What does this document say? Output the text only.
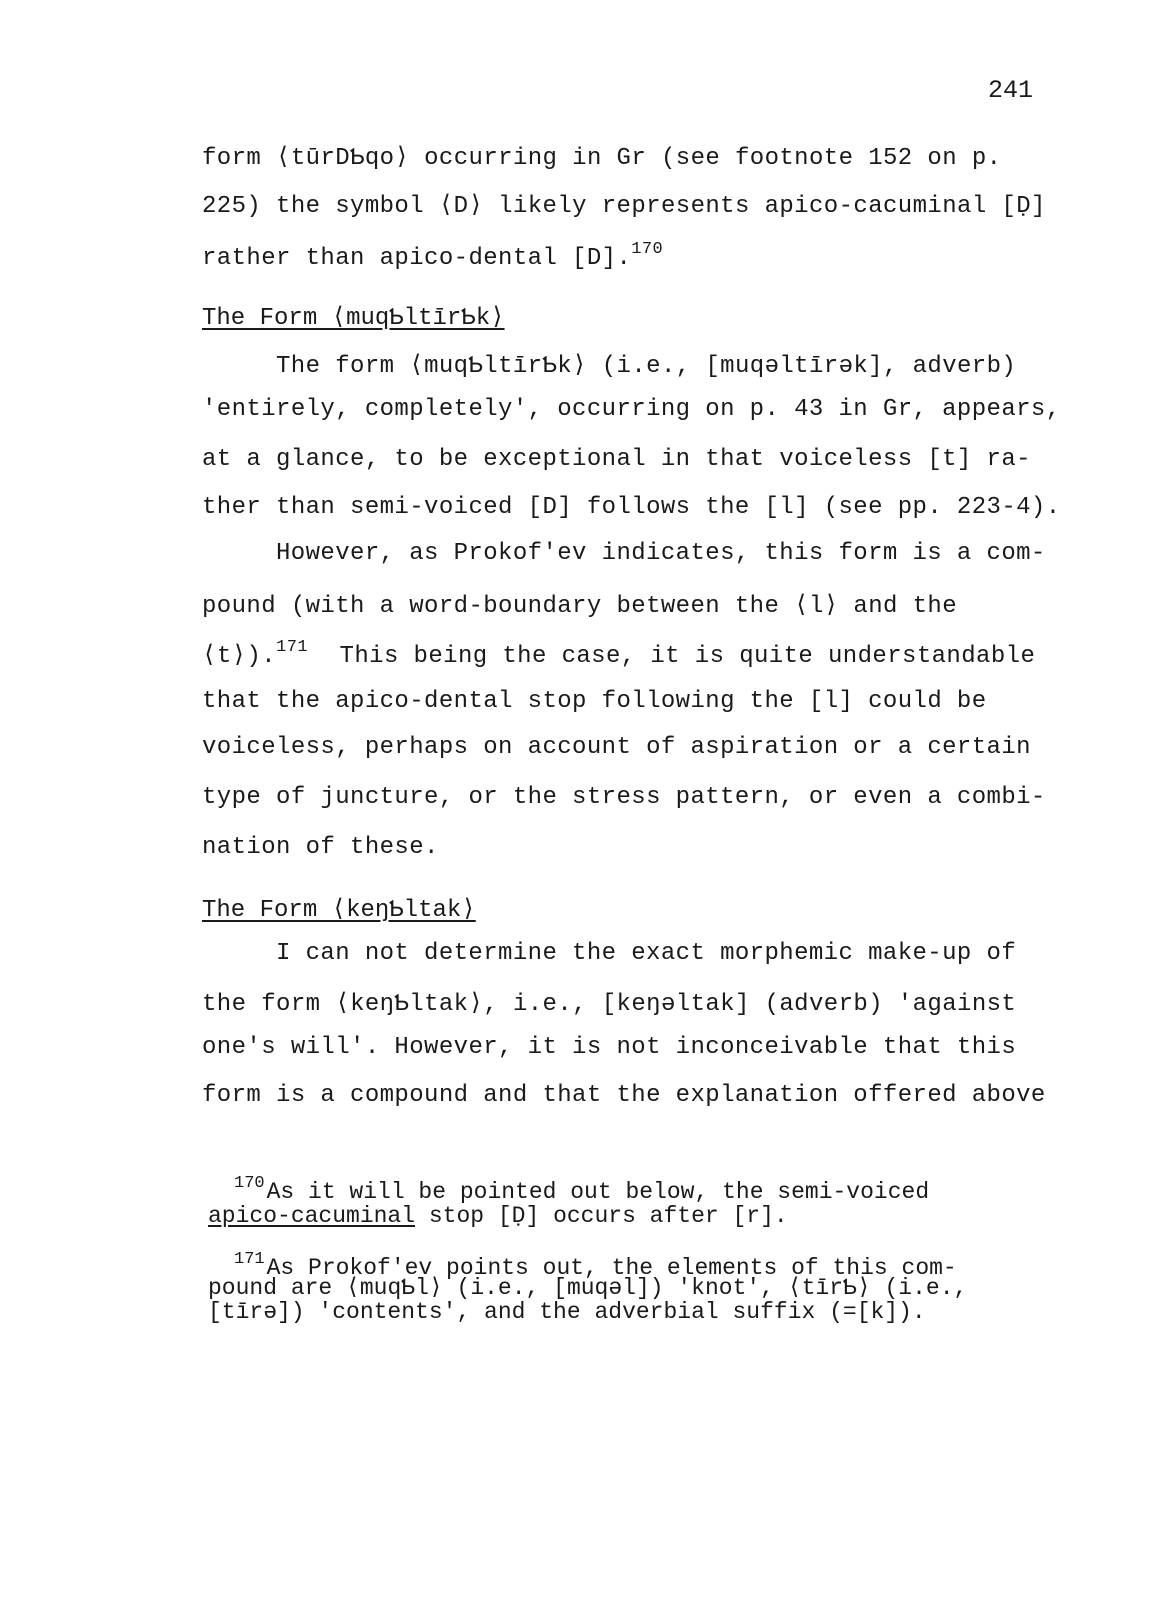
241
form ⟨tūrDƄqo⟩ occurring in Gr (see footnote 152 on p.
225) the symbol ⟨D⟩ likely represents apico-cacuminal [Ḍ]
rather than apico-dental [D].$^{170}$
The Form ⟨muqƄltīrƄk⟩
The form ⟨muqƄltīrƄk⟩ (i.e., [muqəltīrək], adverb)
'entirely, completely', occurring on p. 43 in Gr, appears,
at a glance, to be exceptional in that voiceless [t] ra-
ther than semi-voiced [D] follows the [l] (see pp. 223-4).
However, as Prokof'ev indicates, this form is a com-
pound (with a word-boundary between the ⟨l⟩ and the
⟨t⟩).$^{171}$ This being the case, it is quite understandable
that the apico-dental stop following the [l] could be
voiceless, perhaps on account of aspiration or a certain
type of juncture, or the stress pattern, or even a combi-
nation of these.
The Form ⟨keŋƄltak⟩
I can not determine the exact morphemic make-up of
the form ⟨keŋƄltak⟩, i.e., [keŋəltak] (adverb) 'against
one's will'. However, it is not inconceivable that this
form is a compound and that the explanation offered above
$^{170}$As it will be pointed out below, the semi-voiced
apico-cacuminal stop [Ḍ] occurs after [r].
$^{171}$As Prokof'ev points out, the elements of this com-
pound are ⟨muqƄl⟩ (i.e., [muqəl]) 'knot', ⟨tīrƄ⟩ (i.e.,
[tīrə]) 'contents', and the adverbial suffix (=[k]).
